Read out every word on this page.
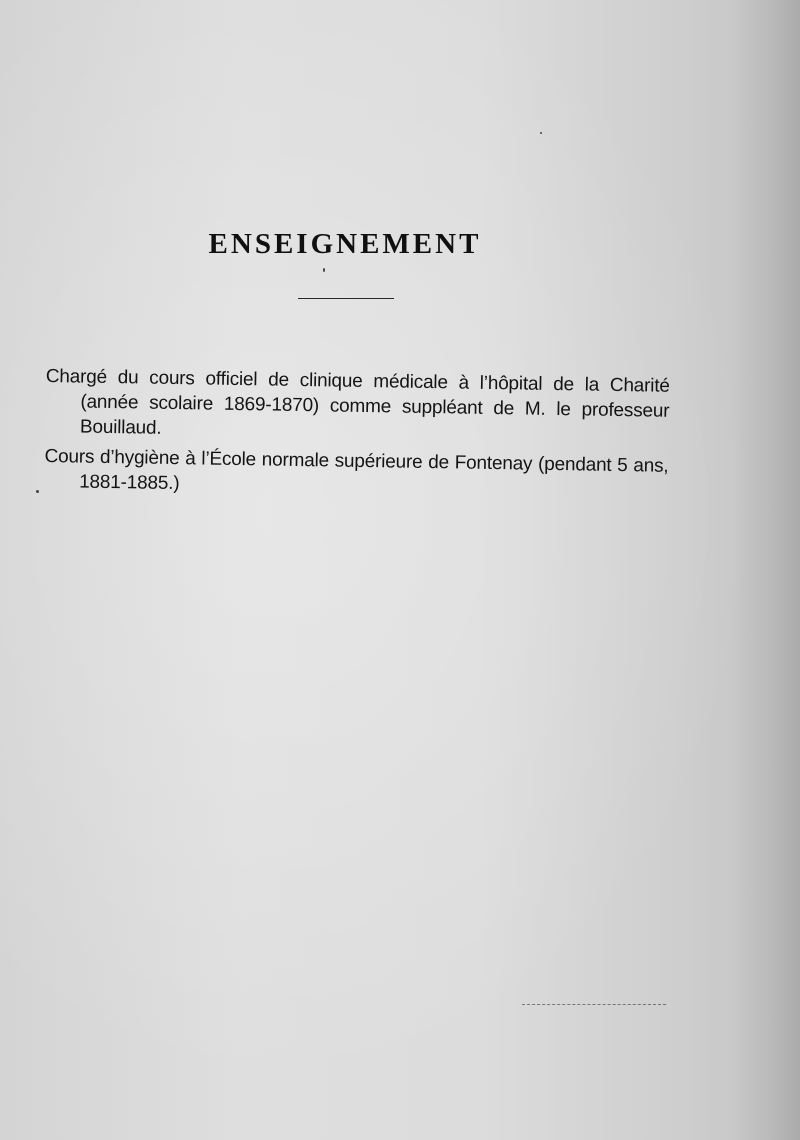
ENSEIGNEMENT

Chargé du cours officiel de clinique médicale à l’hôpital de la Charité (année scolaire 1869-1870) comme suppléant de M. le professeur Bouillaud.

Cours d’hygiène à l’École normale supérieure de Fontenay (pendant 5 ans, 1881-1885.)
